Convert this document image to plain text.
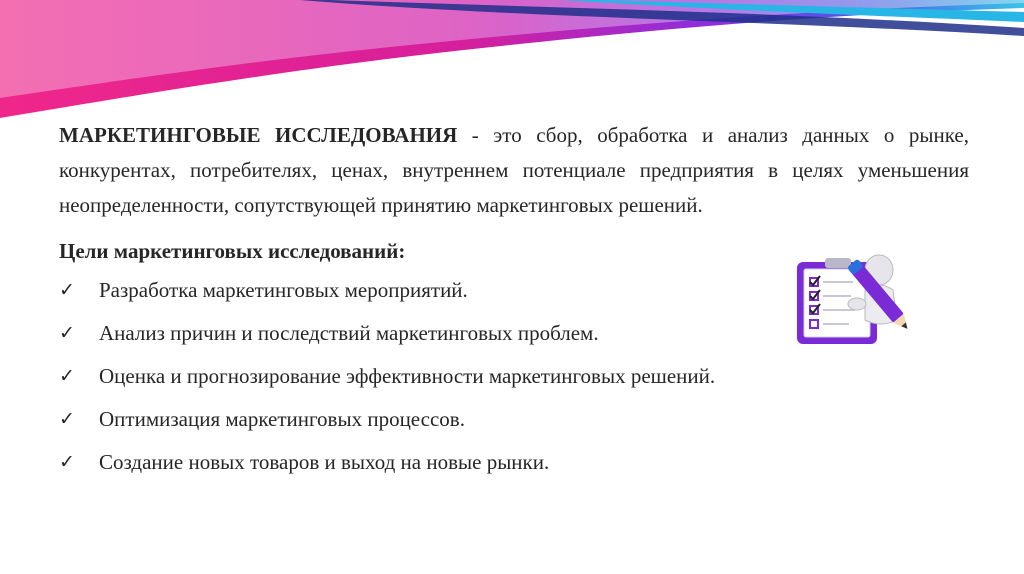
МАРКЕТИНГОВЫЕ ИССЛЕДОВАНИЯ - это сбор, обработка и анализ данных о рынке, конкурентах, потребителях, ценах, внутреннем потенциале предприятия в целях уменьшения неопределенности, сопутствующей принятию маркетинговых решений.

Цели маркетинговых исследований:
✓	Разработка маркетинговых мероприятий.
✓	Анализ причин и последствий маркетинговых проблем.
✓	Оценка и прогнозирование эффективности маркетинговых решений.
✓	Оптимизация маркетинговых процессов.
✓	Создание новых товаров и выход на новые рынки.
